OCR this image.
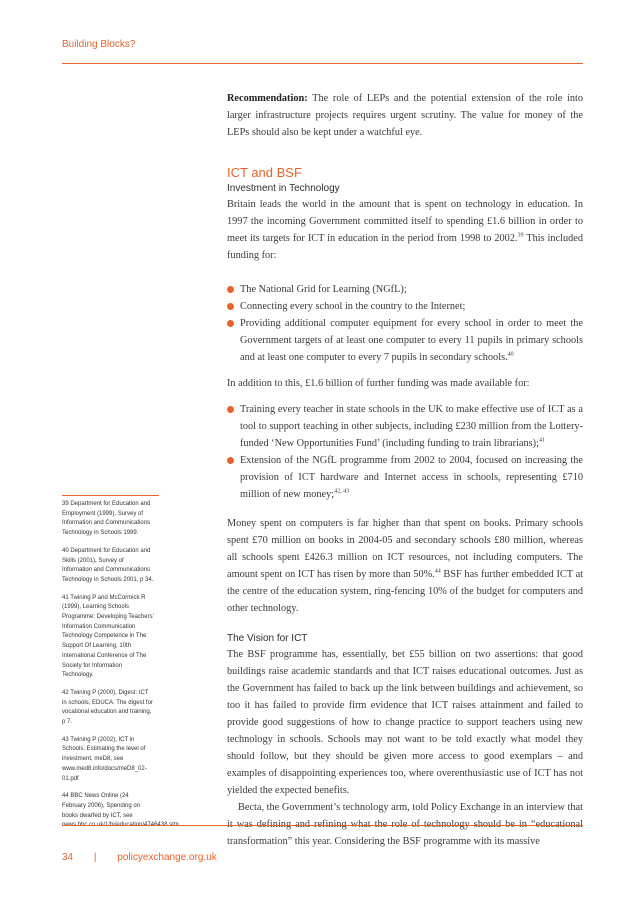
Building Blocks?

Recommendation: The role of LEPs and the potential extension of the role into larger infrastructure projects requires urgent scrutiny. The value for money of the LEPs should also be kept under a watchful eye.

ICT and BSF
Investment in Technology

Britain leads the world in the amount that is spent on technology in education. In 1997 the incoming Government committed itself to spending £1.6 billion in order to meet its targets for ICT in education in the period from 1998 to 2002.39 This included funding for:

The National Grid for Learning (NGfL);
Connecting every school in the country to the Internet;
Providing additional computer equipment for every school in order to meet the Government targets of at least one computer to every 11 pupils in primary schools and at least one computer to every 7 pupils in secondary schools.$^{40}$

In addition to this, £1.6 billion of further funding was made available for:

Training every teacher in state schools in the UK to make effective use of ICT as a tool to support teaching in other subjects, including £230 million from the Lottery-funded ‘New Opportunities Fund’ (including funding to train librarians);$^{41}$
Extension of the NGfL programme from 2002 to 2004, focused on increasing the provision of ICT hardware and Internet access in schools, representing £710 million of new money;$^{42, 43}$

Money spent on computers is far higher than that spent on books. Primary schools spent £70 million on books in 2004-05 and secondary schools £80 million, whereas all schools spent £426.3 million on ICT resources, not including computers. The amount spent on ICT has risen by more than 50%.$^{44}$ BSF has further embedded ICT at the centre of the education system, ring-fencing 10% of the budget for computers and other technology.

The Vision for ICT

The BSF programme has, essentially, bet £55 billion on two assertions: that good buildings raise academic standards and that ICT raises educational outcomes. Just as the Government has failed to back up the link between buildings and achievement, so too it has failed to provide firm evidence that ICT raises attainment and failed to provide good suggestions of how to change practice to support teachers using new technology in schools. Schools may not want to be told exactly what model they should follow, but they should be given more access to good exemplars – and examples of disappointing experiences too, where overenthusiastic use of ICT has not yielded the expected benefits.

Becta, the Government’s technology arm, told Policy Exchange in an interview that transformation” this year. Considering the BSF programme with its massive

39 Department for Education and Employment (1999), Survey of Information and Communications Technology in Schools 1999.
40 Department for Education and Skills (2001), Survey of Information and Communications Technology in Schools 2001, p 34.
41 Twining P and McCormick R (1999), Learning Schools Programme: Developing Teachers’ Information Communication Technology Competence in The Support Of Learning, 10th International Conference of The Society for Information Technology.
42 Twining P (2000), Digest: ICT in schools, EDUCA: The digest for vocational education and training, p 7.
43 Twining P (2002), ICT in Schools: Estimating the level of investment, meD8, see www.med8.info/docs/meD8_02-01.pdf
44 BBC News Online (24 February 2006), Spending on books dwarfed by ICT, see
34 | policyexchange.org.uk
